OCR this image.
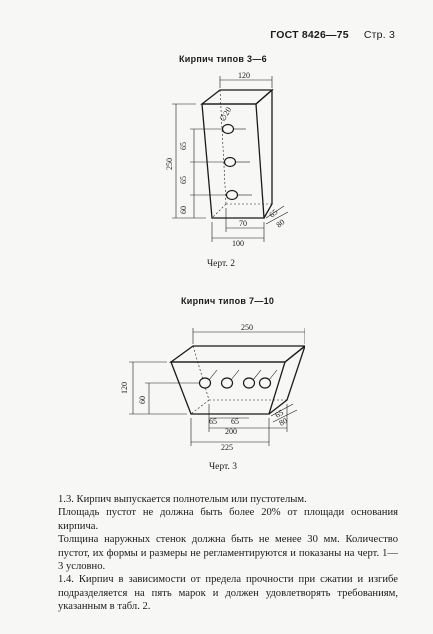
ГОСТ 8426—75 Стр. 3
Кирпич типов 3—6
120
∅20
65
65
60
250
70
100
65
80
Черт. 2
Кирпич типов 7—10
250
120
60
65 65
200
225
65
80
Черт. 3

1.3. Кирпич выпускается полнотелым или пустотелым.

Площадь пустот не должна быть более 20% от площади основания кирпича.

Толщина наружных стенок должна быть не менее 30 мм. Количество пустот, их формы и размеры не регламентируются и показаны на черт. 1—3 условно.

1.4. Кирпич в зависимости от предела прочности при сжатии и изгибе подразделяется на пять марок и должен удовлетворять требованиям, указанным в табл. 2.
